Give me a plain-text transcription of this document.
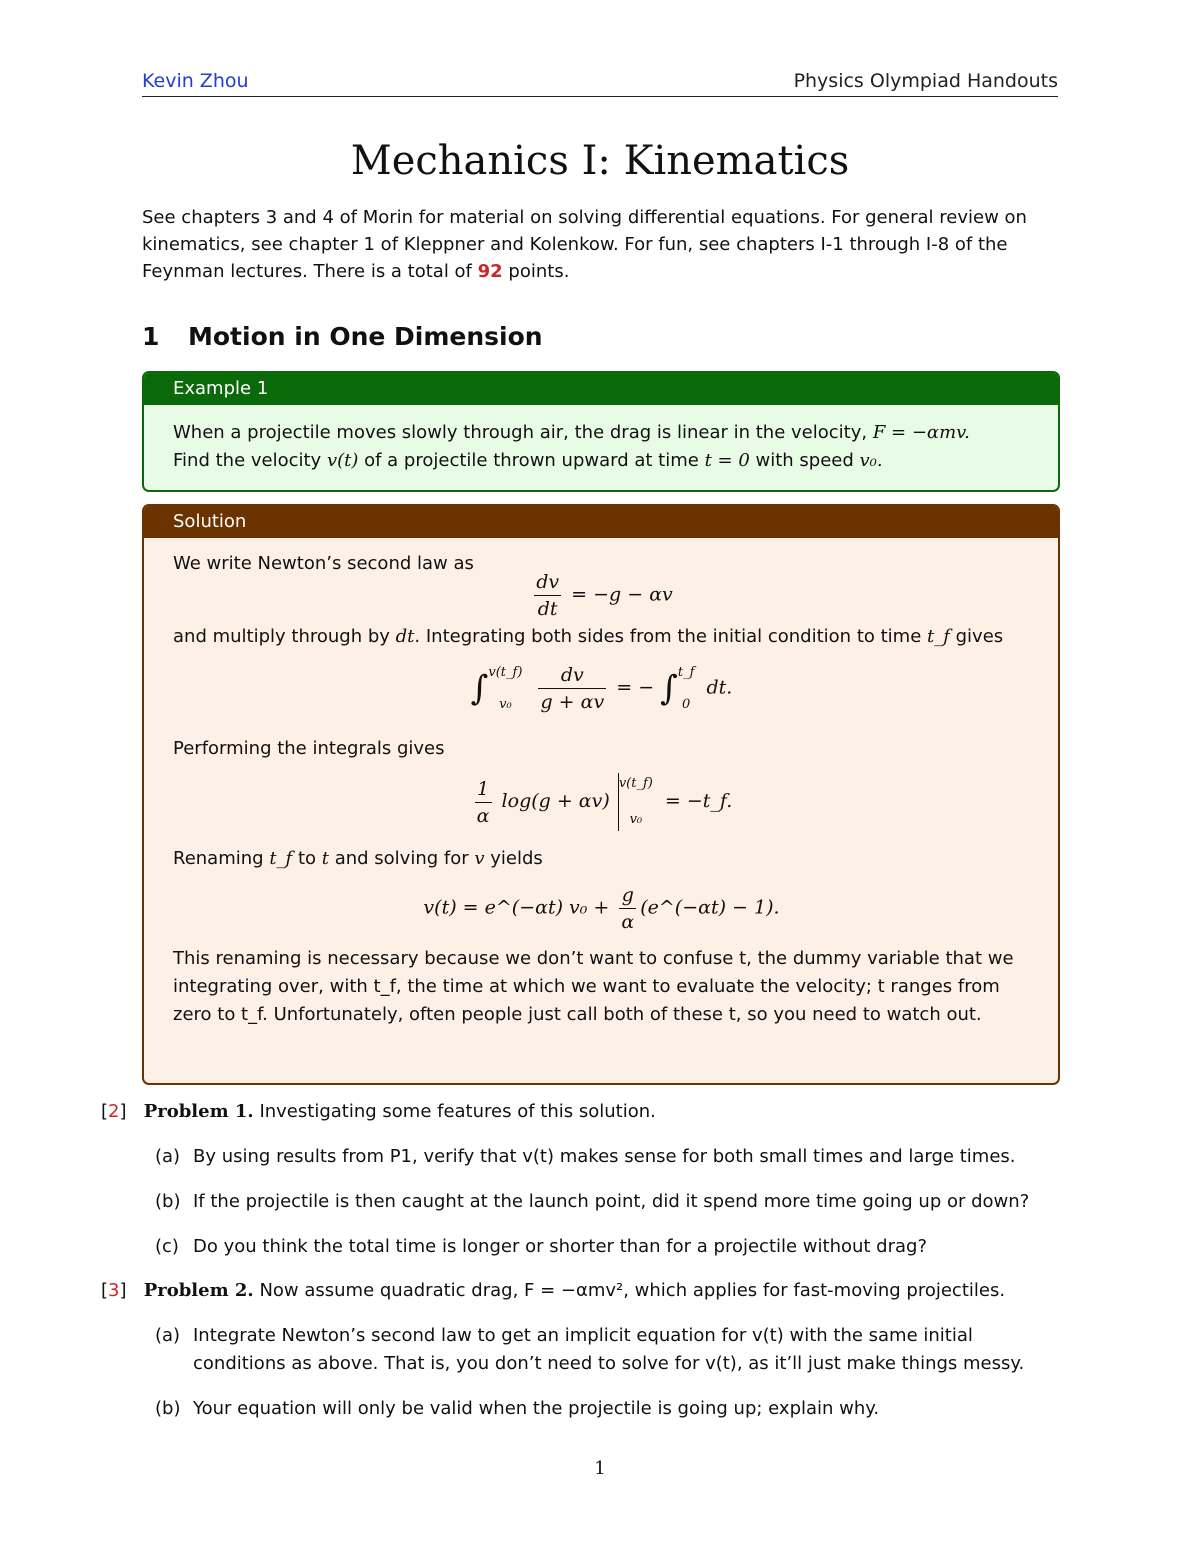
Kevin Zhou	Physics Olympiad Handouts
Mechanics I: Kinematics
See chapters 3 and 4 of Morin for material on solving differential equations. For general review on kinematics, see chapter 1 of Kleppner and Kolenkow. For fun, see chapters I-1 through I-8 of the Feynman lectures. There is a total of 92 points.
1 Motion in One Dimension
Example 1
When a projectile moves slowly through air, the drag is linear in the velocity, F = −αmv.
Find the velocity v(t) of a projectile thrown upward at time t = 0 with speed v₀.
Solution
We write Newton’s second law as
$\frac{dv}{dt} = -g - \alpha v$
and multiply through by dt. Integrating both sides from the initial condition to time t_f gives
∫ v(t_f)
v₀
	$\frac{dv}{g + \alpha v}$ = − ∫ t_f
0
dt.
Performing the integrals gives
$\frac{1}{\alpha} \log(g + \alpha v)$
v(t_f)
v₀
= −t_f.
Renaming t_f to t and solving for v yields
v(t) = e^(−αt) $v_0 + \frac{g}{\alpha}$ (e^(−αt) − 1).
This renaming is necessary because we don’t want to confuse t, the dummy variable that we integrating over, with t_f, the time at which we want to evaluate the velocity; t ranges from zero to t_f. Unfortunately, often people just call both of these t, so you need to watch out.
[2] Problem 1. Investigating some features of this solution.
(a) By using results from P1, verify that v(t) makes sense for both small times and large times.
(b) If the projectile is then caught at the launch point, did it spend more time going up or down?
(c) Do you think the total time is longer or shorter than for a projectile without drag?
[3] Problem 2. Now assume quadratic drag, F = −αmv², which applies for fast-moving projectiles.
(a) Integrate Newton’s second law to get an implicit equation for v(t) with the same initial conditions as above. That is, you don’t need to solve for v(t), as it’ll just make things messy.
(b) Your equation will only be valid when the projectile is going up; explain why.
1
